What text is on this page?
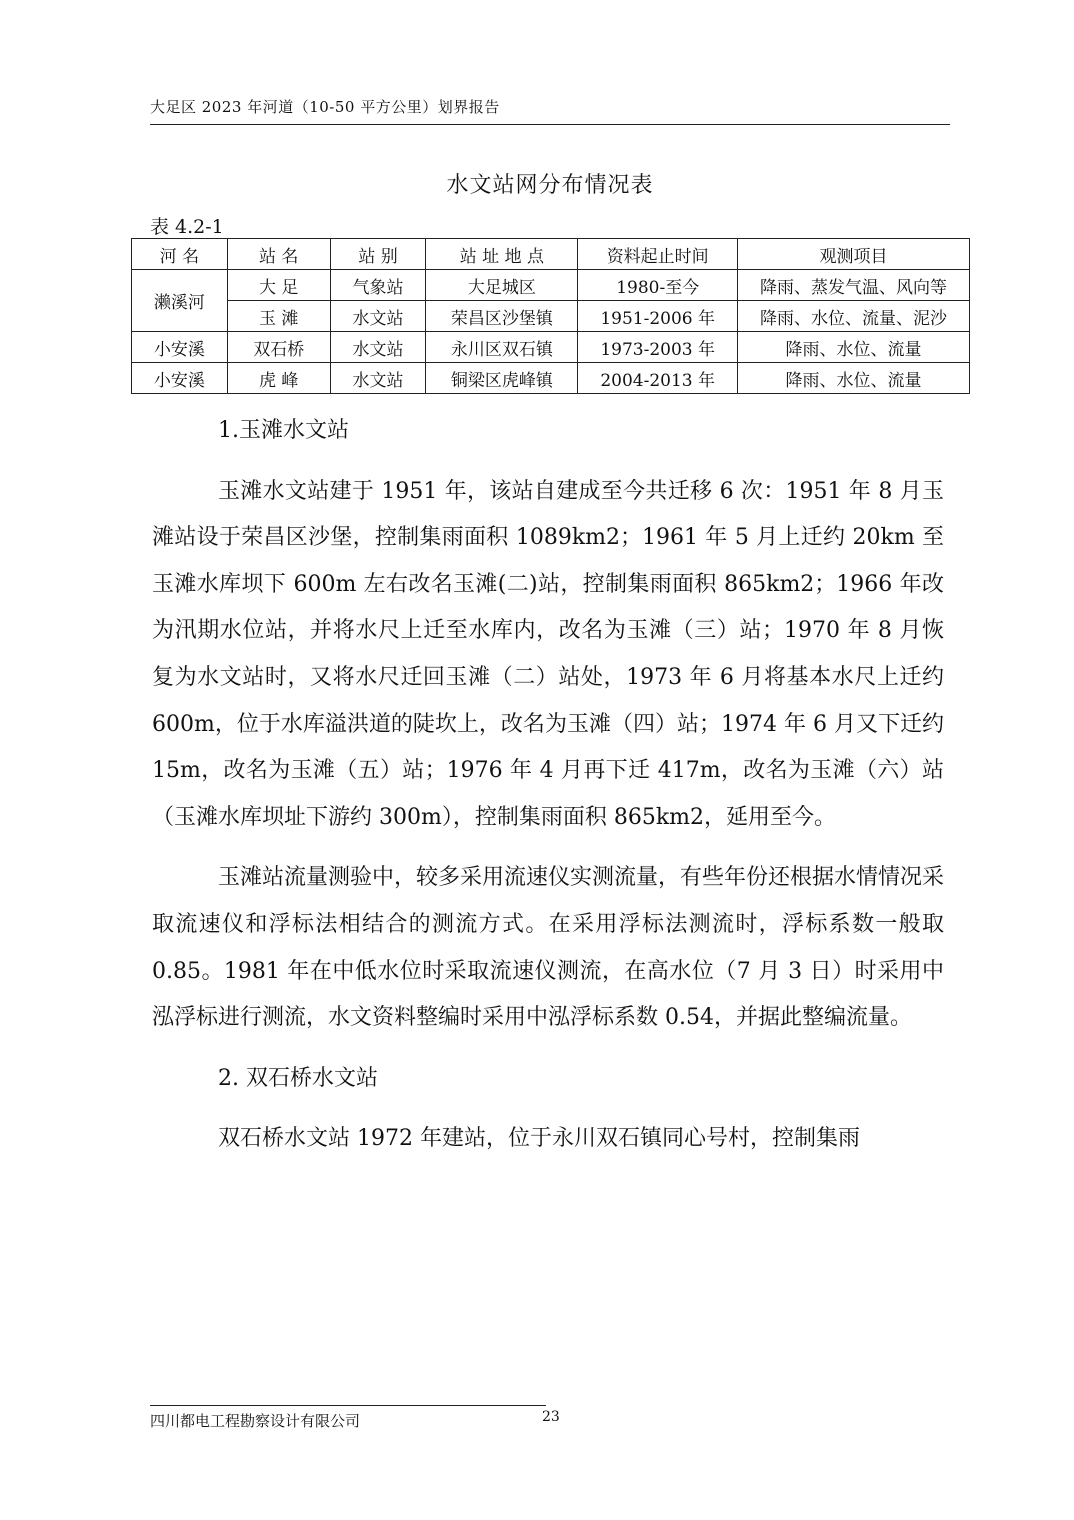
大足区 2023 年河道（10-50 平方公里）划界报告
水文站网分布情况表
表 4.2-1
河 名	站 名	站 别	站 址 地 点	资料起止时间	观测项目
濑溪河	大 足	气象站	大足城区	1980-至今	降雨、蒸发气温、风向等
	玉 滩	水文站	荣昌区沙堡镇	1951-2006 年	降雨、水位、流量、泥沙
小安溪	双石桥	水文站	永川区双石镇	1973-2003 年	降雨、水位、流量
小安溪	虎 峰	水文站	铜梁区虎峰镇	2004-2013 年	降雨、水位、流量

1.玉滩水文站

玉滩水文站建于 1951 年，该站自建成至今共迁移 6 次：1951 年 8 月玉滩站设于荣昌区沙堡，控制集雨面积 1089km2；1961 年 5 月上迁约 20km 至玉滩水库坝下 600m 左右改名玉滩(二)站，控制集雨面积 865km2；1966 年改为汛期水位站，并将水尺上迁至水库内，改名为玉滩（三）站；1970 年 8 月恢复为水文站时，又将水尺迁回玉滩（二）站处，1973 年 6 月将基本水尺上迁约 600m，位于水库溢洪道的陡坎上，改名为玉滩（四）站；1974 年 6 月又下迁约 15m，改名为玉滩（五）站；1976 年 4 月再下迁 417m，改名为玉滩（六）站（玉滩水库坝址下游约 300m），控制集雨面积 865km2，延用至今。

玉滩站流量测验中，较多采用流速仪实测流量，有些年份还根据水情情况采取流速仪和浮标法相结合的测流方式。在采用浮标法测流时，浮标系数一般取 0.85。1981 年在中低水位时采取流速仪测流，在高水位（7 月 3 日）时采用中泓浮标进行测流，水文资料整编时采用中泓浮标系数 0.54，并据此整编流量。

2. 双石桥水文站

双石桥水文站 1972 年建站，位于永川双石镇同心号村，控制集雨

四川都电工程勘察设计有限公司	23
